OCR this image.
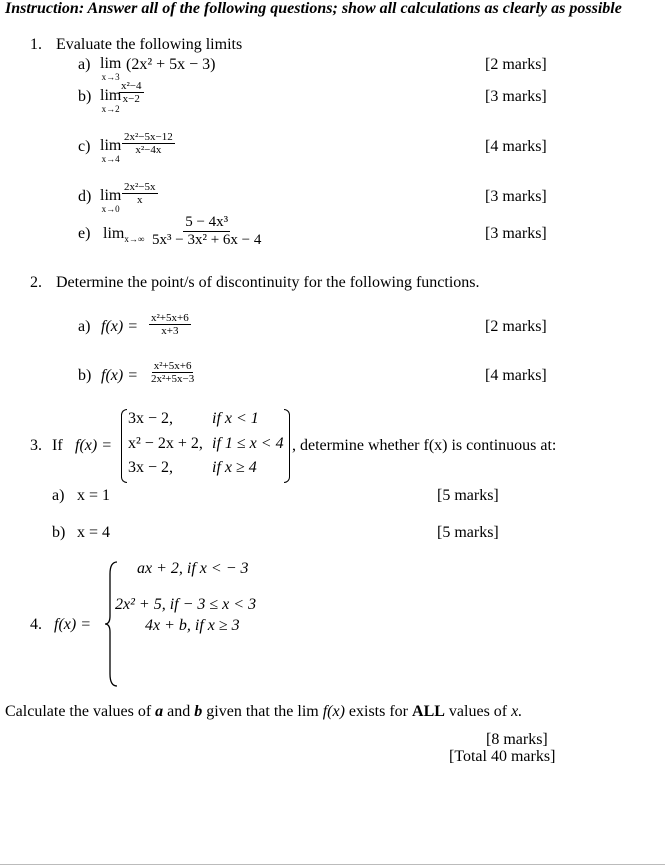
Instruction: Answer all of the following questions; show all calculations as clearly as possible
1. Evaluate the following limits
a) lim
x→3
(2x² + 5x − 3)	[2 marks]
b) lim
x→2
$\frac{\text{x²−4}}{x-2}$	[3 marks]
c) lim
x→4
$\frac{\text{2x²−5x−12}}{\text{x²−4x}}$	[4 marks]
d) lim
x→0
$\frac{\text{2x²−5x}}{x}$	[3 marks]
e) $\lim_{x\to\infty} \frac{\text{5 − 4x³}}{\text{5x³ − 3x² + 6x − 4}}$	[3 marks]
2. Determine the point/s of discontinuity for the following functions.
a) $f(x) = \frac{\text{x²+5x+6}}{x+3}$	[2 marks]
b) $f(x) = \frac{\text{x²+5x+6}}{\text{2x²+5x−3}}$	[4 marks]
3. If f(x) =
3x − 2, if x < 1
x² − 2x + 2, if 1 ≤ x < 4
3x − 2, if x ≥ 4
, determine whether f(x) is continuous at:
a) x = 1	[5 marks]
b) x = 4	[5 marks]
4. f(x) =
ax + 2, if x < − 3
2x² + 5, if − 3 ≤ x < 3
4x + b, if x ≥ 3
Calculate the values of a and b given that the lim f(x) exists for ALL values of x.
[8 marks]
[Total 40 marks]
